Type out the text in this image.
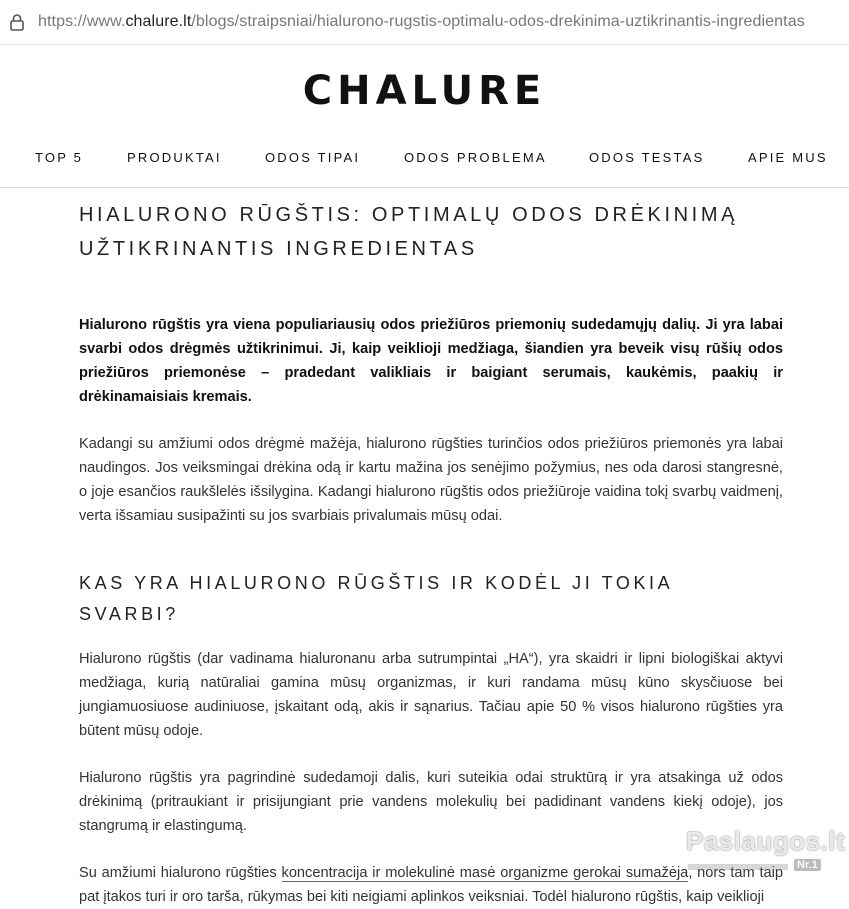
https://www.chalure.lt/blogs/straipsniai/hialurono-rugstis-optimalu-odos-drekinima-uztikrinantis-ingredientas
CHALURE
TOP 5	PRODUKTAI	ODOS TIPAI	ODOS PROBLEMA	ODOS TESTAS	APIE MUS
HIALURONO RŪGŠTIS: OPTIMALŲ ODOS DRĖKINIMĄ
UŽTIKRINANTIS INGREDIENTAS

Hialurono rūgštis yra viena populiariausių odos priežiūros priemonių sudedamųjų dalių. Ji yra labai svarbi odos drėgmės užtikrinimui. Ji, kaip veiklioji medžiaga, šiandien yra beveik visų rūšių odos priežiūros priemonėse – pradedant valikliais ir baigiant serumais, kaukėmis, paakių ir drėkinamaisiais kremais.

Kadangi su amžiumi odos drėgmė mažėja, hialurono rūgšties turinčios odos priežiūros priemonės yra labai naudingos. Jos veiksmingai drėkina odą ir kartu mažina jos senėjimo požymius, nes oda darosi stangresnė, o joje esančios raukšlelės išsilygina. Kadangi hialurono rūgštis odos priežiūroje vaidina tokį svarbų vaidmenį, verta išsamiau susipažinti su jos svarbiais privalumais mūsų odai.

KAS YRA HIALURONO RŪGŠTIS IR KODĖL JI TOKIA
SVARBI?

Hialurono rūgštis (dar vadinama hialuronanu arba sutrumpintai „HA“), yra skaidri ir lipni biologiškai aktyvi medžiaga, kurią natūraliai gamina mūsų organizmas, ir kuri randama mūsų kūno skysčiuose bei jungiamuosiuose audiniuose, įskaitant odą, akis ir sąnarius. Tačiau apie 50 % visos hialurono rūgšties yra būtent mūsų odoje.

Hialurono rūgštis yra pagrindinė sudedamoji dalis, kuri suteikia odai struktūrą ir yra atsakinga už odos drėkinimą (pritraukiant ir prisijungiant prie vandens molekulių bei padidinant vandens kiekį odoje), jos stangrumą ir elastingumą.

Su amžiumi hialurono rūgšties koncentracija ir molekulinė masė organizme gerokai sumažėja, nors tam taip pat įtakos turi ir oro tarša, rūkymas bei kiti neigiami aplinkos veiksniai. Todėl hialurono rūgštis, kaip veiklioji

Paslaugos.lt
Nr.1
